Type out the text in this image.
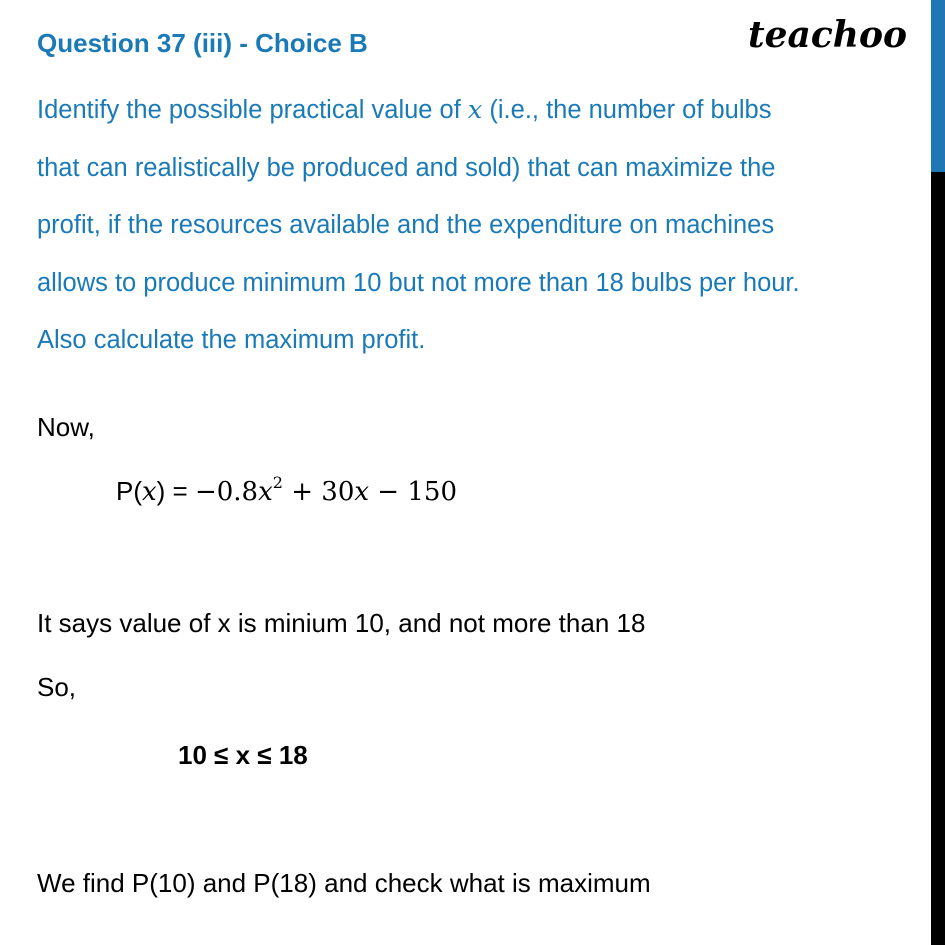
Question 37 (iii) - Choice B	teachoo
Identify the possible practical value of x (i.e., the number of bulbs
that can realistically be produced and sold) that can maximize the
profit, if the resources available and the expenditure on machines
allows to produce minimum 10 but not more than 18 bulbs per hour.
Also calculate the maximum profit.
Now,
$P(x) = -0.8x^2 + 30x - 150$
It says value of x is minium 10, and not more than 18
So,
10 ≤ x ≤ 18
We find P(10) and P(18) and check what is maximum
